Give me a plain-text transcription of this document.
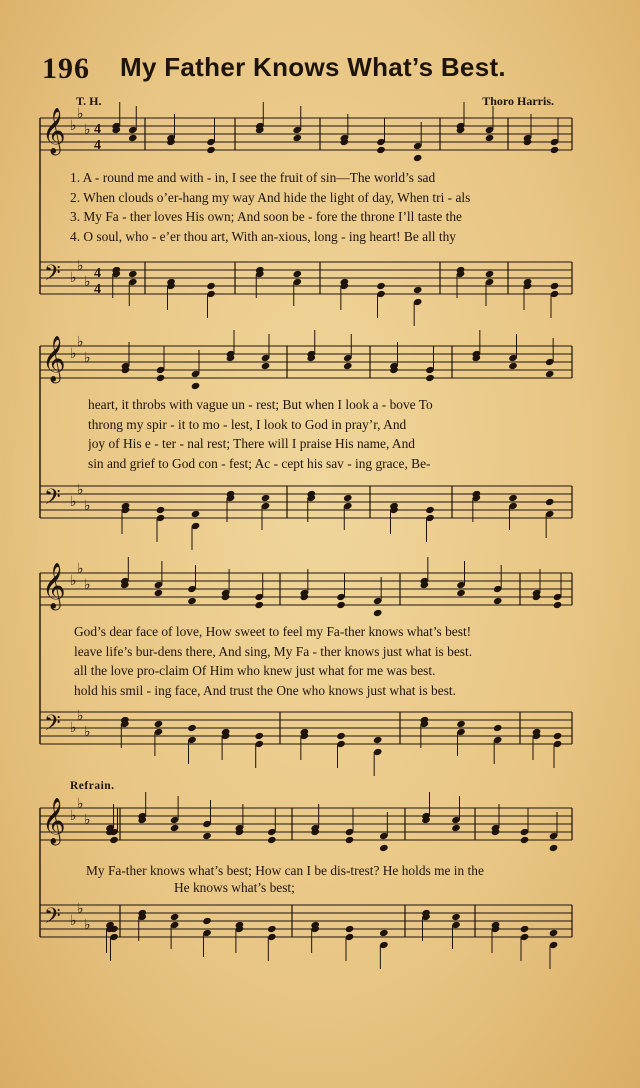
𝄞
𝄢
♭
♭
♭
♭
♭
♭
4
4
4
4
𝄞
𝄢
♭
♭
♭
♭
♭
♭
𝄞
𝄢
♭
♭
♭
♭
♭
♭
𝄞
𝄢
♭
♭
♭
♭
♭
♭
196 My Father Knows What’s Best.
T. H.	Thoro Harris.
1. A - round me and with - in, I see the fruit of sin—The world’s sad
2. When clouds o’er-hang my way And hide the light of day, When tri - als
3. My Fa - ther loves His own; And soon be - fore the throne I’ll taste the
4. O soul, who - e’er thou art, With an-xious, long - ing heart! Be all thy
heart, it throbs with vague un - rest; But when I look a - bove To
throng my spir - it to mo - lest, I look to God in pray’r, And
joy of His e - ter - nal rest; There will I praise His name, And
sin and grief to God con - fest; Ac - cept his sav - ing grace, Be-
God’s dear face of love, How sweet to feel my Fa-ther knows what’s best!
leave life’s bur-dens there, And sing, My Fa - ther knows just what is best.
all the love pro-claim Of Him who knew just what for me was best.
hold his smil - ing face, And trust the One who knows just what is best.
Refrain.
My Fa-ther knows what’s best; How can I be dis-trest? He holds me in the
He knows what’s best;
